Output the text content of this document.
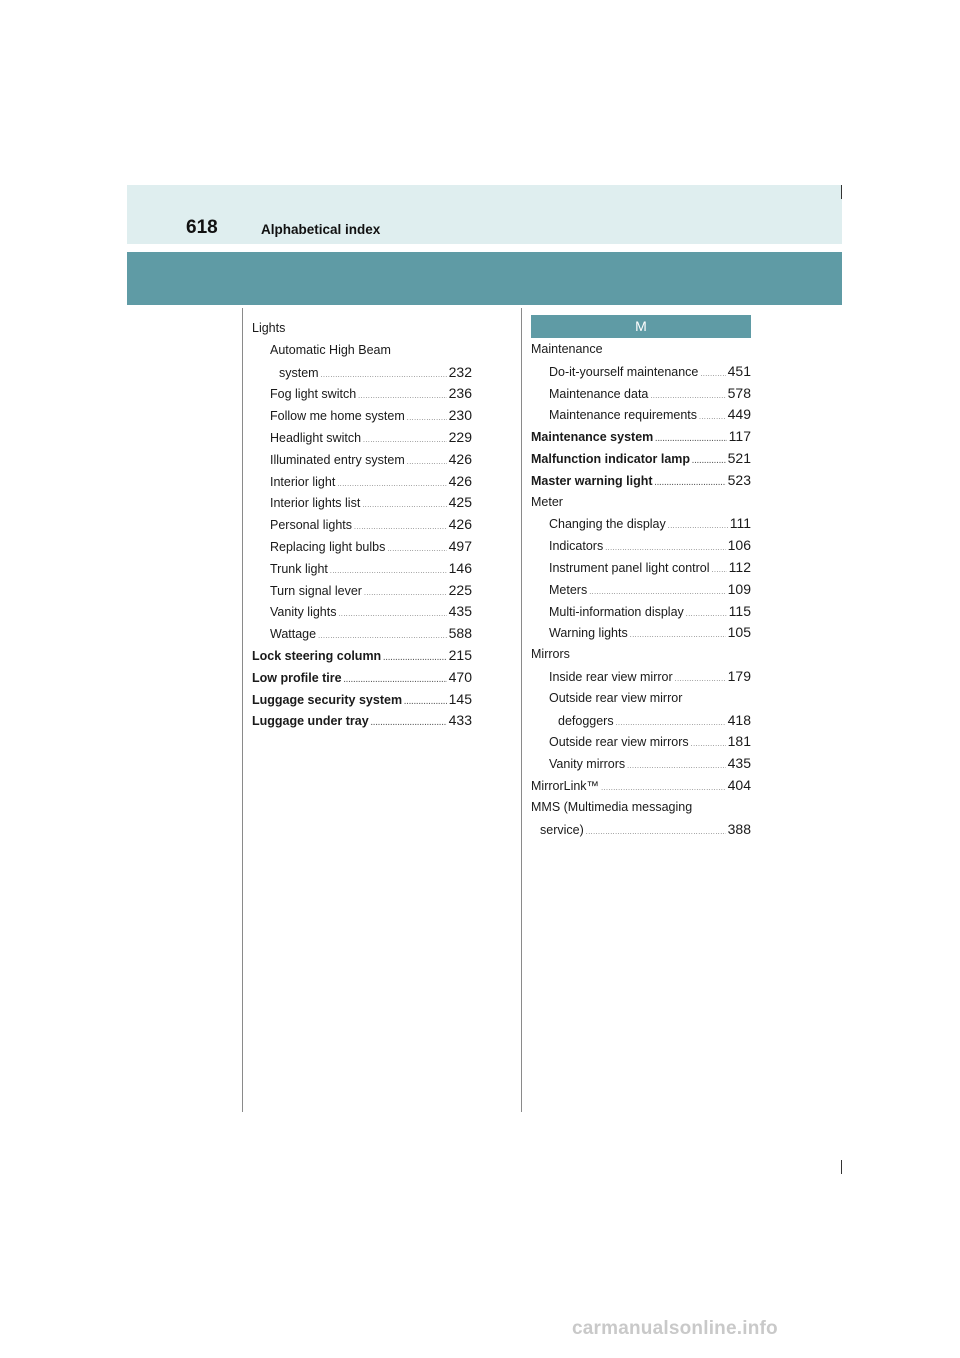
618	Alphabetical index
Lights
Automatic High Beam
system .....	232
Fog light switch .....	236
Follow me home system .....	230
Headlight switch .....	229
Illuminated entry system .....	426
Interior light .....	426
Interior lights list .....	425
Personal lights .....	426
Replacing light bulbs .....	497
Trunk light .....	146
Turn signal lever .....	225
Vanity lights .....	435
Wattage .....	588
Lock steering column .....	215
Low profile tire .....	470
Luggage security system .....	145
Luggage under tray .....	433
M
Maintenance
Do-it-yourself maintenance ..... 451
Maintenance data .....	578
Maintenance requirements ..... 449
Maintenance system .....	117
Malfunction indicator lamp .....	521
Master warning light .....	523
Meter
Changing the display .....	111
Indicators .....	106
Instrument panel light control ..... 112
Meters .....	109
Multi-information display .....	115
Warning lights .....	105
Mirrors
Inside rear view mirror .....	179
Outside rear view mirror
defoggers .....	418
Outside rear view mirrors .....	181
Vanity mirrors .....	435
MirrorLink™ .....	404
MMS (Multimedia messaging
service) .....	388
carmanualsonline.info
